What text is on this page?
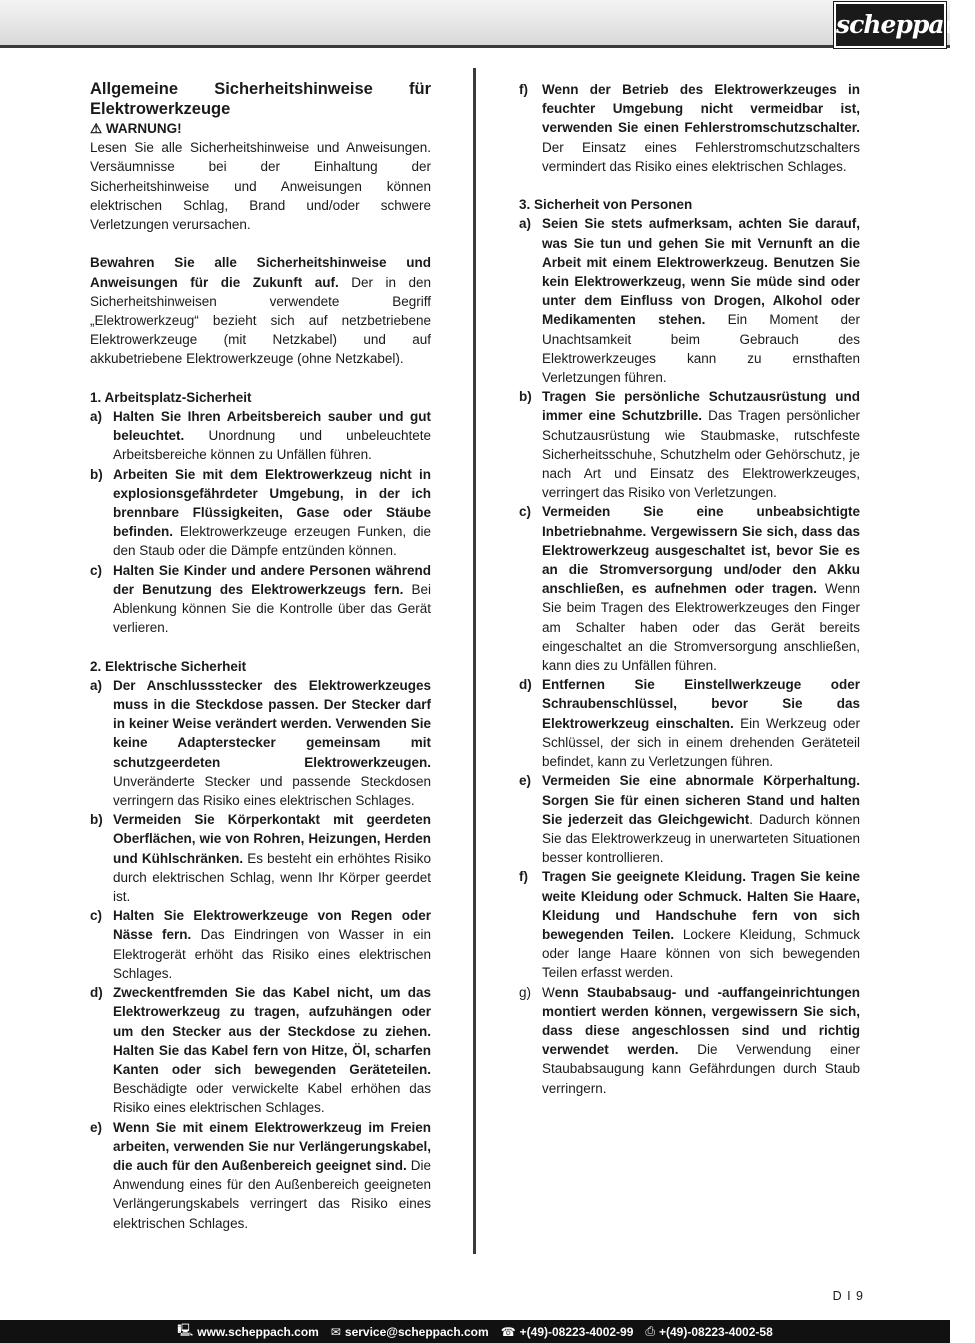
scheppach
Allgemeine Sicherheitshinweise für Elektrowerkzeuge
⚠ WARNUNG!

Lesen Sie alle Sicherheitshinweise und Anweisungen. Versäumnisse bei der Einhaltung der Sicherheitshinweise und Anweisungen können elektrischen Schlag, Brand und/oder schwere Verletzungen verursachen.

Bewahren Sie alle Sicherheitshinweise und Anweisungen für die Zukunft auf. Der in den Sicherheitshinweisen verwendete Begriff „Elektrowerkzeug“ bezieht sich auf netzbetriebene Elektrowerkzeuge (mit Netzkabel) und auf akkubetriebene Elektrowerkzeuge (ohne Netzkabel).

1. Arbeitsplatz-Sicherheit
a) Halten Sie Ihren Arbeitsbereich sauber und gut beleuchtet. Unordnung und unbeleuchtete Arbeitsbereiche können zu Unfällen führen.
b) Arbeiten Sie mit dem Elektrowerkzeug nicht in explosionsgefährdeter Umgebung, in der ich brennbare Flüssigkeiten, Gase oder Stäube befinden. Elektrowerkzeuge erzeugen Funken, die den Staub oder die Dämpfe entzünden können.
c) Halten Sie Kinder und andere Personen während der Benutzung des Elektrowerkzeugs fern. Bei Ablenkung können Sie die Kontrolle über das Gerät verlieren.
2. Elektrische Sicherheit
a) Der Anschlussstecker des Elektrowerkzeuges muss in die Steckdose passen. Der Stecker darf in keiner Weise verändert werden. Verwenden Sie keine Adapterstecker gemeinsam mit schutzgeerdeten Elektrowerkzeugen. Unveränderte Stecker und passende Steckdosen verringern das Risiko eines elektrischen Schlages.
b) Vermeiden Sie Körperkontakt mit geerdeten Oberflächen, wie von Rohren, Heizungen, Herden und Kühlschränken. Es besteht ein erhöhtes Risiko durch elektrischen Schlag, wenn Ihr Körper geerdet ist.
c) Halten Sie Elektrowerkzeuge von Regen oder Nässe fern. Das Eindringen von Wasser in ein Elektrogerät erhöht das Risiko eines elektrischen Schlages.
d) Zweckentfremden Sie das Kabel nicht, um das Elektrowerkzeug zu tragen, aufzuhängen oder um den Stecker aus der Steckdose zu ziehen. Halten Sie das Kabel fern von Hitze, Öl, scharfen Kanten oder sich bewegenden Geräteteilen. Beschädigte oder verwickelte Kabel erhöhen das Risiko eines elektrischen Schlages.
e) Wenn Sie mit einem Elektrowerkzeug im Freien arbeiten, verwenden Sie nur Verlängerungskabel, die auch für den Außenbereich geeignet sind. Die Anwendung eines für den Außenbereich geeigneten Verlängerungskabels verringert das Risiko eines elektrischen Schlages.
f)	Wenn der Betrieb des Elektrowerkzeuges in feuchter Umgebung nicht vermeidbar ist, verwenden Sie einen Fehlerstromschutzschalter. Der Einsatz eines Fehlerstromschutzschalters vermindert das Risiko eines elektrischen Schlages.
3. Sicherheit von Personen
a) Seien Sie stets aufmerksam, achten Sie darauf, was Sie tun und gehen Sie mit Vernunft an die Arbeit mit einem Elektrowerkzeug. Benutzen Sie kein Elektrowerkzeug, wenn Sie müde sind oder unter dem Einfluss von Drogen, Alkohol oder Medikamenten stehen. Ein Moment der Unachtsamkeit beim Gebrauch des Elektrowerkzeuges kann zu ernsthaften Verletzungen führen.
b) Tragen Sie persönliche Schutzausrüstung und immer eine Schutzbrille. Das Tragen persönlicher Schutzausrüstung wie Staubmaske, rutschfeste Sicherheitsschuhe, Schutzhelm oder Gehörschutz, je nach Art und Einsatz des Elektrowerkzeuges, verringert das Risiko von Verletzungen.
c) Vermeiden Sie eine unbeabsichtigte Inbetriebnahme. Vergewissern Sie sich, dass das Elektrowerkzeug ausgeschaltet ist, bevor Sie es an die Stromversorgung und/oder den Akku anschließen, es aufnehmen oder tragen. Wenn Sie beim Tragen des Elektrowerkzeuges den Finger am Schalter haben oder das Gerät bereits eingeschaltet an die Stromversorgung anschließen, kann dies zu Unfällen führen.
d) Entfernen Sie Einstellwerkzeuge oder Schraubenschlüssel, bevor Sie das Elektrowerkzeug einschalten. Ein Werkzeug oder Schlüssel, der sich in einem drehenden Geräteteil befindet, kann zu Verletzungen führen.
e) Vermeiden Sie eine abnormale Körperhaltung. Sorgen Sie für einen sicheren Stand und halten Sie jederzeit das Gleichgewicht. Dadurch können Sie das Elektrowerkzeug in unerwarteten Situationen besser kontrollieren.
f)	Tragen Sie geeignete Kleidung. Tragen Sie keine weite Kleidung oder Schmuck. Halten Sie Haare, Kleidung und Handschuhe fern von sich bewegenden Teilen. Lockere Kleidung, Schmuck oder lange Haare können von sich bewegenden Teilen erfasst werden.
g) Wenn Staubabsaug- und -auffangeinrichtungen montiert werden können, vergewissern Sie sich, dass diese angeschlossen sind und richtig verwendet werden. Die Verwendung einer Staubabsaugung kann Gefährdungen durch Staub verringern.
D I 9
🖳 www.scheppach.com ✉ service@scheppach.com ☎ +(49)-08223-4002-99 ⎙ +(49)-08223-4002-58
